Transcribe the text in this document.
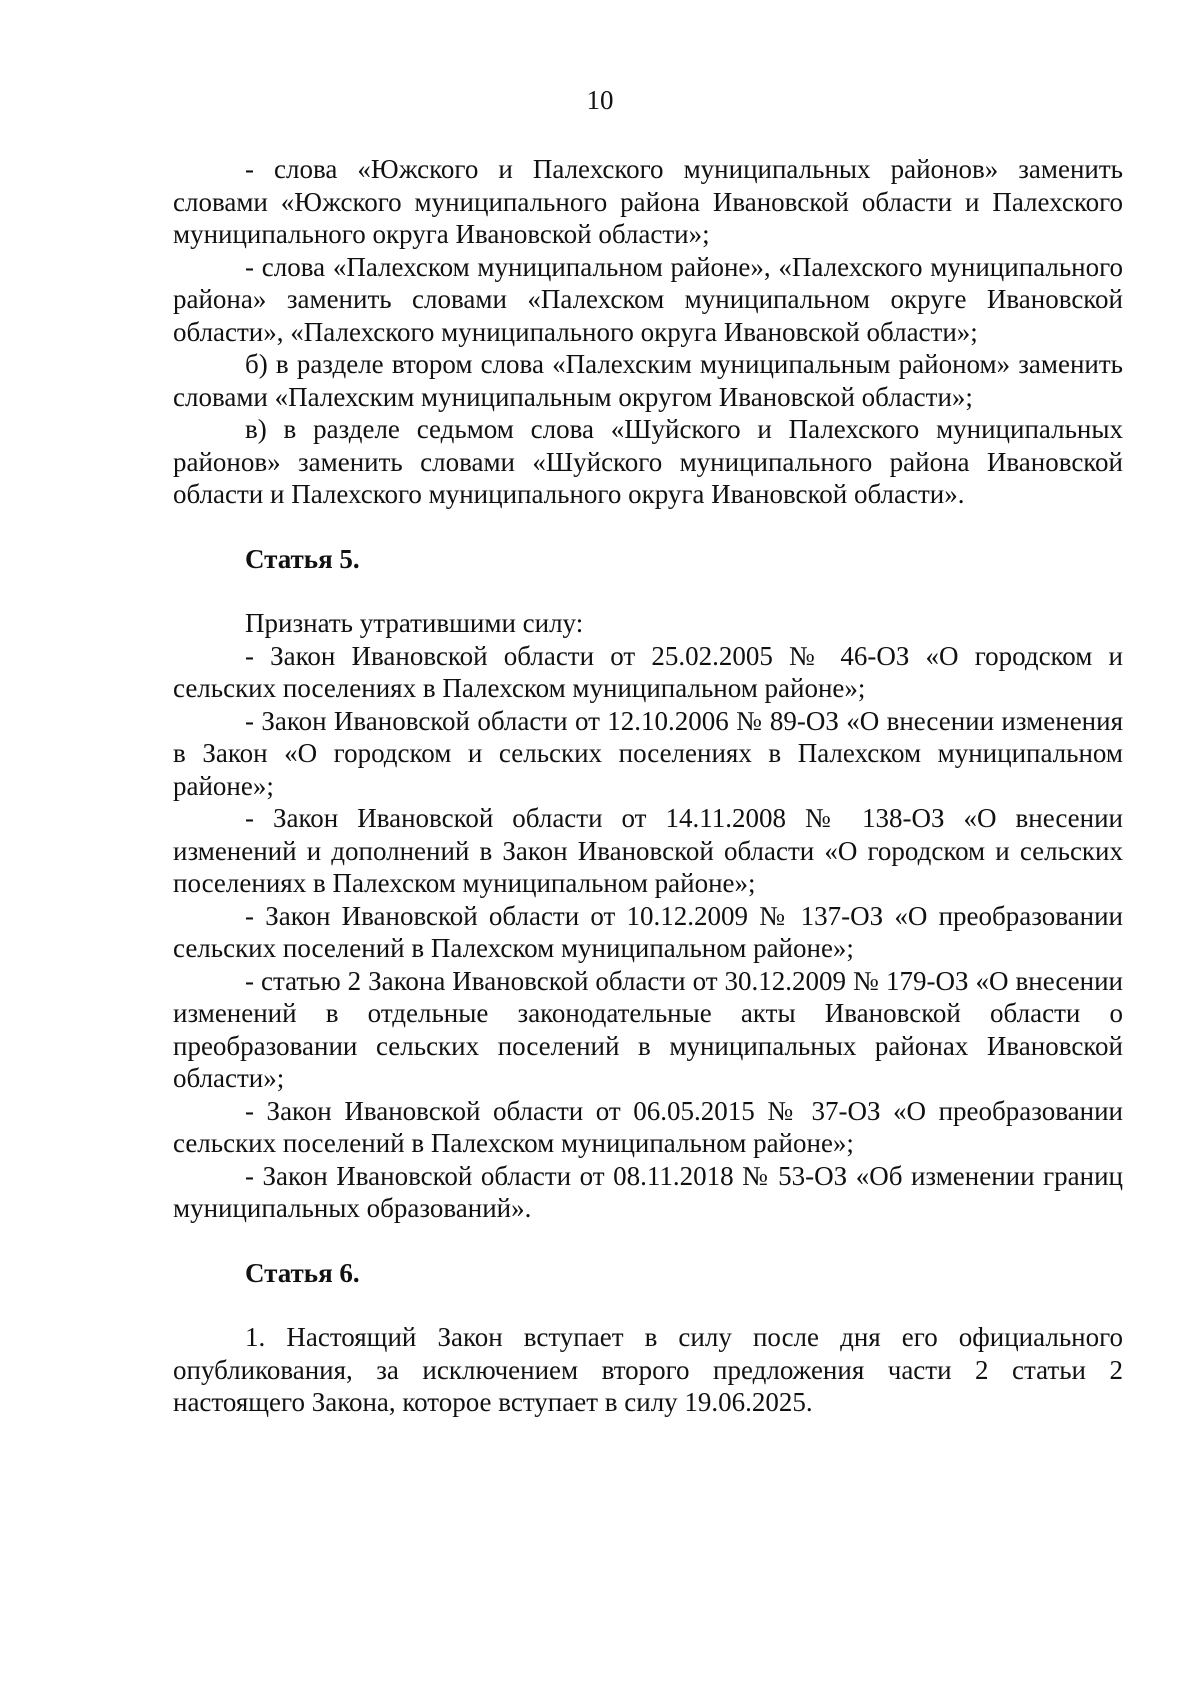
10

- слова «Южского и Палехского муниципальных районов» заменить словами «Южского муниципального района Ивановской области и Палехского муниципального округа Ивановской области»;

- слова «Палехском муниципальном районе», «Палехского муниципального района» заменить словами «Палехском муниципальном округе Ивановской области», «Палехского муниципального округа Ивановской области»;

б) в разделе втором слова «Палехским муниципальным районом» заменить словами «Палехским муниципальным округом Ивановской области»;

в) в разделе седьмом слова «Шуйского и Палехского муниципальных районов» заменить словами «Шуйского муниципального района Ивановской области и Палехского муниципального округа Ивановской области».

Статья 5.

Признать утратившими силу:

- Закон Ивановской области от 25.02.2005 № 46-ОЗ «О городском и сельских поселениях в Палехском муниципальном районе»;

- Закон Ивановской области от 12.10.2006 № 89-ОЗ «О внесении изменения в Закон «О городском и сельских поселениях в Палехском муниципальном районе»;

- Закон Ивановской области от 14.11.2008 № 138-ОЗ «О внесении изменений и дополнений в Закон Ивановской области «О городском и сельских поселениях в Палехском муниципальном районе»;

- Закон Ивановской области от 10.12.2009 № 137-ОЗ «О преобразовании сельских поселений в Палехском муниципальном районе»;

- статью 2 Закона Ивановской области от 30.12.2009 № 179-ОЗ «О внесении изменений в отдельные законодательные акты Ивановской области о преобразовании сельских поселений в муниципальных районах Ивановской области»;

- Закон Ивановской области от 06.05.2015 № 37-ОЗ «О преобразовании сельских поселений в Палехском муниципальном районе»;

- Закон Ивановской области от 08.11.2018 № 53-ОЗ «Об изменении границ муниципальных образований».

Статья 6.

1. Настоящий Закон вступает в силу после дня его официального опубликования, за исключением второго предложения части 2 статьи 2 настоящего Закона, которое вступает в силу 19.06.2025.
